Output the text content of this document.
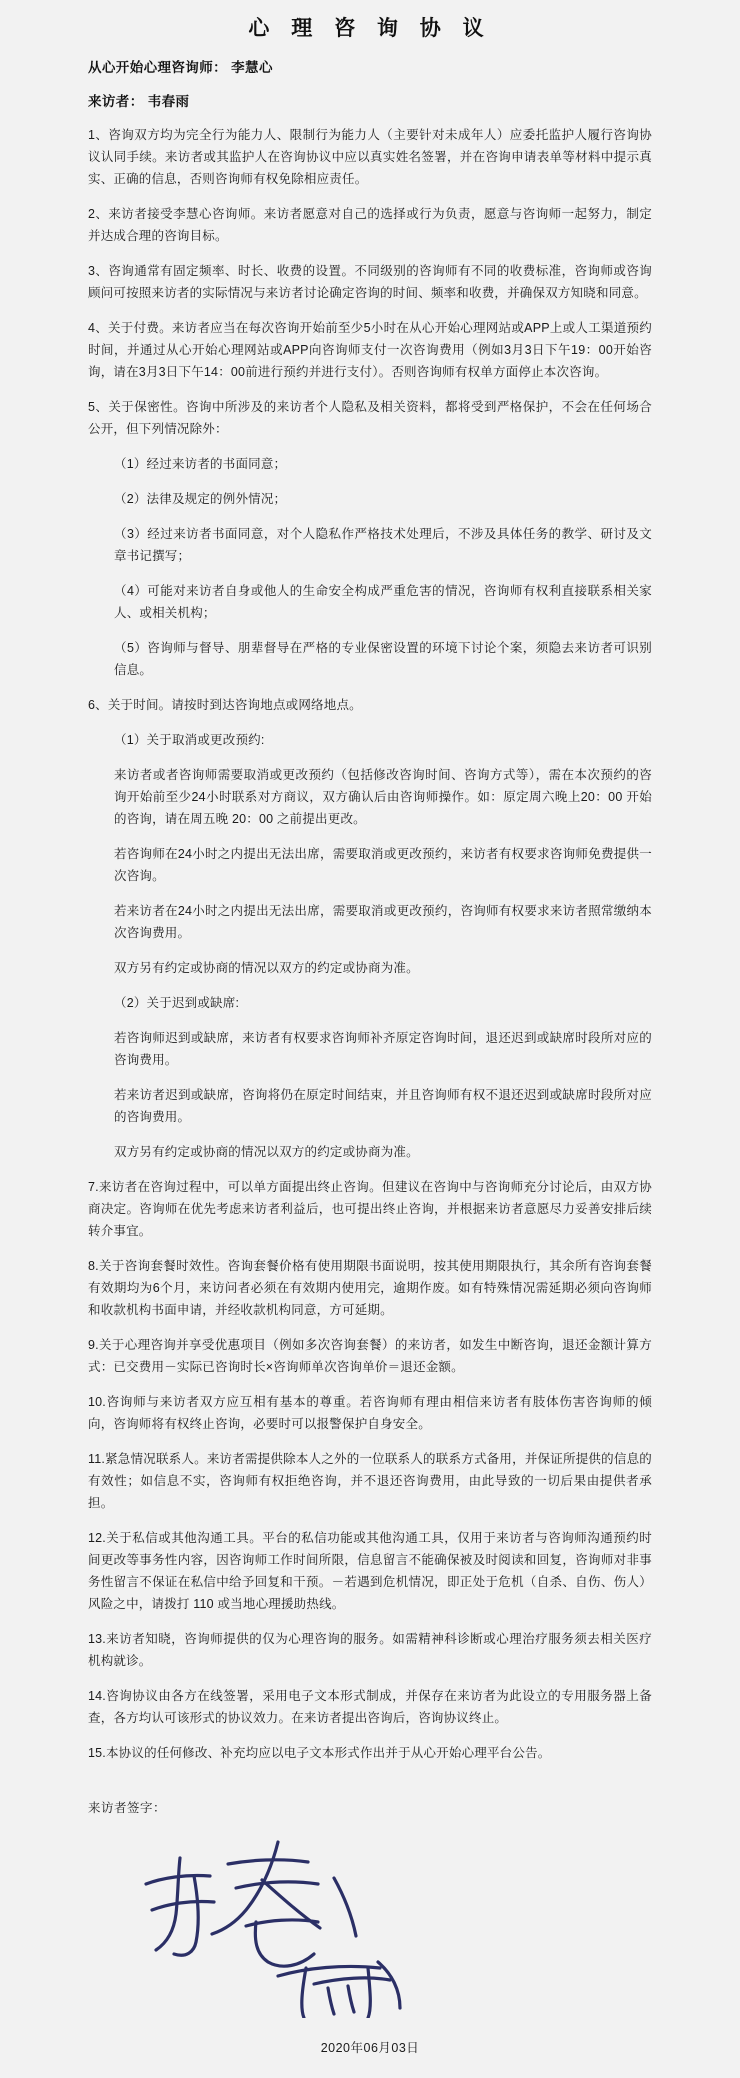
心 理 咨 询 协 议
从心开始心理咨询师： 李慧心
来访者： 韦春雨

1、咨询双方均为完全行为能力人、限制行为能力人（主要针对未成年人）应委托监护人履行咨询协议认同手续。来访者或其监护人在咨询协议中应以真实姓名签署，并在咨询申请表单等材料中提示真实、正确的信息，否则咨询师有权免除相应责任。

2、来访者接受李慧心咨询师。来访者愿意对自己的选择或行为负责，愿意与咨询师一起努力，制定并达成合理的咨询目标。

3、咨询通常有固定频率、时长、收费的设置。不同级别的咨询师有不同的收费标准，咨询师或咨询顾问可按照来访者的实际情况与来访者讨论确定咨询的时间、频率和收费，并确保双方知晓和同意。

4、关于付费。来访者应当在每次咨询开始前至少5小时在从心开始心理网站或APP上或人工渠道预约时间，并通过从心开始心理网站或APP向咨询师支付一次咨询费用（例如3月3日下午19：00开始咨询，请在3月3日下午14：00前进行预约并进行支付）。否则咨询师有权单方面停止本次咨询。

5、关于保密性。咨询中所涉及的来访者个人隐私及相关资料，都将受到严格保护，不会在任何场合公开，但下列情况除外：

（1）经过来访者的书面同意；

（2）法律及规定的例外情况；

（3）经过来访者书面同意，对个人隐私作严格技术处理后，不涉及具体任务的教学、研讨及文章书记撰写；

（4）可能对来访者自身或他人的生命安全构成严重危害的情况，咨询师有权利直接联系相关家人、或相关机构；

（5）咨询师与督导、朋辈督导在严格的专业保密设置的环境下讨论个案，须隐去来访者可识别信息。

6、关于时间。请按时到达咨询地点或网络地点。

（1）关于取消或更改预约:

来访者或者咨询师需要取消或更改预约（包括修改咨询时间、咨询方式等），需在本次预约的咨询开始前至少24小时联系对方商议，双方确认后由咨询师操作。如：原定周六晚上20：00 开始的咨询，请在周五晚 20：00 之前提出更改。

若咨询师在24小时之内提出无法出席，需要取消或更改预约，来访者有权要求咨询师免费提供一次咨询。

若来访者在24小时之内提出无法出席，需要取消或更改预约，咨询师有权要求来访者照常缴纳本次咨询费用。

双方另有约定或协商的情况以双方的约定或协商为准。

（2）关于迟到或缺席:

若咨询师迟到或缺席，来访者有权要求咨询师补齐原定咨询时间，退还迟到或缺席时段所对应的咨询费用。

若来访者迟到或缺席，咨询将仍在原定时间结束，并且咨询师有权不退还迟到或缺席时段所对应的咨询费用。

双方另有约定或协商的情况以双方的约定或协商为准。

7.来访者在咨询过程中，可以单方面提出终止咨询。但建议在咨询中与咨询师充分讨论后，由双方协商决定。咨询师在优先考虑来访者利益后，也可提出终止咨询，并根据来访者意愿尽力妥善安排后续转介事宜。

8.关于咨询套餐时效性。咨询套餐价格有使用期限书面说明，按其使用期限执行，其余所有咨询套餐有效期均为6个月，来访问者必须在有效期内使用完，逾期作废。如有特殊情况需延期必须向咨询师和收款机构书面申请，并经收款机构同意，方可延期。

9.关于心理咨询并享受优惠项目（例如多次咨询套餐）的来访者，如发生中断咨询，退还金额计算方式：已交费用－实际已咨询时长×咨询师单次咨询单价＝退还金额。

10.咨询师与来访者双方应互相有基本的尊重。若咨询师有理由相信来访者有肢体伤害咨询师的倾向，咨询师将有权终止咨询，必要时可以报警保护自身安全。

11.紧急情况联系人。来访者需提供除本人之外的一位联系人的联系方式备用，并保证所提供的信息的有效性；如信息不实，咨询师有权拒绝咨询，并不退还咨询费用，由此导致的一切后果由提供者承担。

12.关于私信或其他沟通工具。平台的私信功能或其他沟通工具，仅用于来访者与咨询师沟通预约时间更改等事务性内容，因咨询师工作时间所限，信息留言不能确保被及时阅读和回复，咨询师对非事务性留言不保证在私信中给予回复和干预。－若遇到危机情况，即正处于危机（自杀、自伤、伤人）风险之中，请拨打 110 或当地心理援助热线。

13.来访者知晓，咨询师提供的仅为心理咨询的服务。如需精神科诊断或心理治疗服务须去相关医疗机构就诊。

14.咨询协议由各方在线签署，采用电子文本形式制成，并保存在来访者为此设立的专用服务器上备查，各方均认可该形式的协议效力。在来访者提出咨询后，咨询协议终止。

15.本协议的任何修改、补充均应以电子文本形式作出并于从心开始心理平台公告。

来访者签字：
2020年06月03日
